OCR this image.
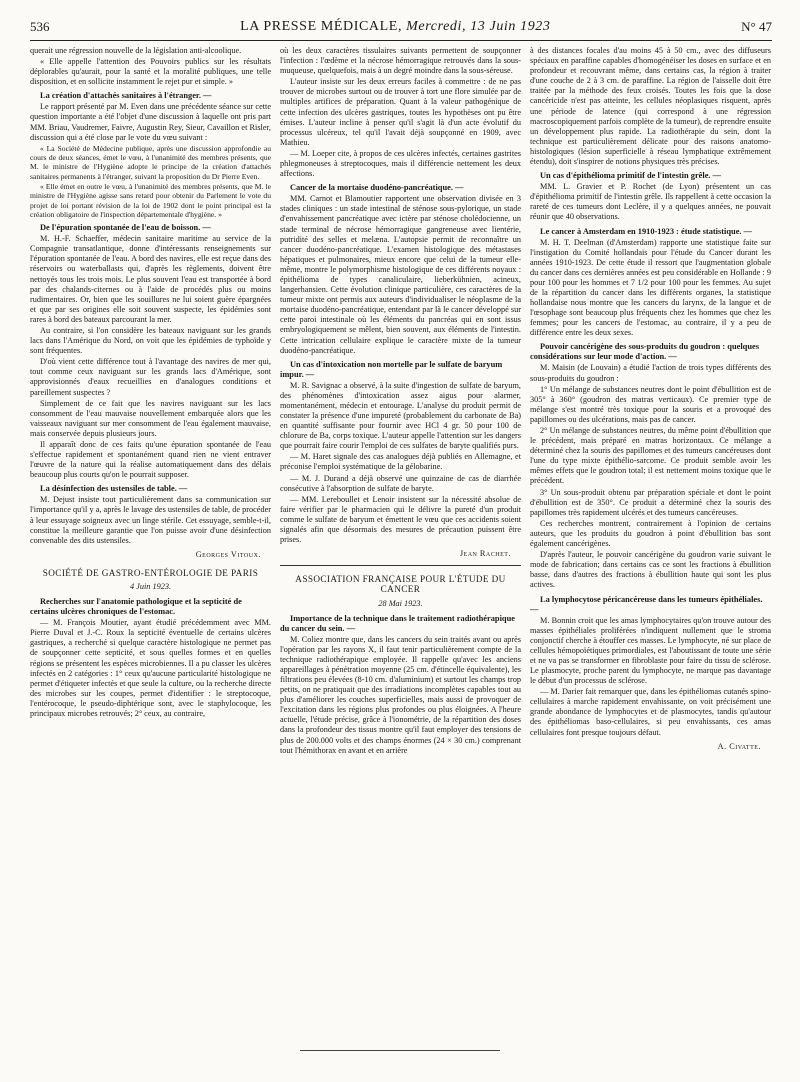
536	LA PRESSE MÉDICALE, Mercredi, 13 Juin 1923	N° 47

querait une régression nouvelle de la législation anti-alcoolique.

« Elle appelle l'attention des Pouvoirs publics sur les résultats déplorables qu'aurait, pour la santé et la moralité publiques, une telle disposition, et en sollicite instamment le rejet pur et simple. »

La création d'attachés sanitaires à l'étranger. —

Le rapport présenté par M. Even dans une précédente séance sur cette question importante a été l'objet d'une discussion à laquelle ont pris part MM. Briau, Vaudremer, Faivre, Augustin Rey, Sieur, Cavaillon et Risler, discussion qui a été close par le vote du vœu suivant :

« La Société de Médecine publique, après une discussion approfondie au cours de deux séances, émet le vœu, à l'unanimité des membres présents, que M. le ministre de l'Hygiène adopte le principe de la création d'attachés sanitaires permanents à l'étranger, suivant la proposition du Dr Pierre Even.

« Elle émet en outre le vœu, à l'unanimité des membres présents, que M. le ministre de l'Hygiène agisse sans retard pour obtenir du Parlement le vote du projet de loi portant révision de la loi de 1902 dont le point principal est la création obligatoire de l'inspection départementale d'hygiène. »

De l'épuration spontanée de l'eau de boisson. —

M. H.-F. Schaeffer, médecin sanitaire maritime au service de la Compagnie transatlantique, donne d'intéressants renseignements sur l'épuration spontanée de l'eau. A bord des navires, elle est reçue dans des réservoirs ou waterballasts qui, d'après les règlements, doivent être nettoyés tous les trois mois. Le plus souvent l'eau est transportée à bord par des chalands-citernes ou à l'aide de procédés plus ou moins rudimentaires. Or, bien que les souillures ne lui soient guère épargnées et que par ses origines elle soit souvent suspecte, les épidémies sont rares à bord des bateaux parcourant la mer.

Au contraire, si l'on considère les bateaux naviguant sur les grands lacs dans l'Amérique du Nord, on voit que les épidémies de typhoïde y sont fréquentes.

D'où vient cette différence tout à l'avantage des navires de mer qui, tout comme ceux naviguant sur les grands lacs d'Amérique, sont approvisionnés d'eaux recueillies en d'analogues conditions et pareillement suspectes ?

Simplement de ce fait que les navires naviguant sur les lacs consomment de l'eau mauvaise nouvellement embarquée alors que les vaisseaux naviguant sur mer consomment de l'eau également mauvaise, mais conservée depuis plusieurs jours.

Il apparaît donc de ces faits qu'une épuration spontanée de l'eau s'effectue rapidement et spontanément quand rien ne vient entraver l'œuvre de la nature qui la réalise automatiquement dans des délais beaucoup plus courts qu'on le pourrait supposer.

La désinfection des ustensiles de table. —

M. Dejust insiste tout particulièrement dans sa communication sur l'importance qu'il y a, après le lavage des ustensiles de table, de procéder à leur essuyage soigneux avec un linge stérile. Cet essuyage, semble-t-il, constitue la meilleure garantie que l'on puisse avoir d'une désinfection convenable des dits ustensiles.

Georges Vitoux.
SOCIÉTÉ DE GASTRO-ENTÉROLOGIE DE PARIS
4 Juin 1923.
Recherches sur l'anatomie pathologique et la septicité de certains ulcères chroniques de l'estomac.

— M. François Moutier, ayant étudié précédemment avec MM. Pierre Duval et J.-C. Roux la septicité éventuelle de certains ulcères gastriques, a recherché si quelque caractère histologique ne permet pas de soupçonner cette septicité, et sous quelles formes et en quelles régions se présentent les espèces microbiennes. Il a pu classer les ulcères infectés en 2 catégories : 1° ceux qu'aucune particularité histologique ne permet d'étiqueter infectés et que seule la culture, ou la recherche directe des microbes sur les coupes, permet d'identifier : le streptocoque, l'entérocoque, le pseudo-diphtérique sont, avec le staphylocoque, les principaux microbes retrouvés; 2° ceux, au contraire,

où les deux caractères tissulaires suivants permettent de soupçonner l'infection : l'œdème et la nécrose hémorragique retrouvés dans la sous-muqueuse, quelquefois, mais à un degré moindre dans la sous-séreuse.

L'auteur insiste sur les deux erreurs faciles à commettre : de ne pas trouver de microbes surtout ou de trouver à tort une flore simulée par de multiples artifices de préparation. Quant à la valeur pathogénique de cette infection des ulcères gastriques, toutes les hypothèses ont pu être émises. L'auteur incline à penser qu'il s'agit là d'un acte évolutif du processus ulcéreux, tel qu'il l'avait déjà soupçonné en 1909, avec Mathieu.

— M. Loeper cite, à propos de ces ulcères infectés, certaines gastrites phlegmoneuses à streptocoques, mais il différencie nettement les deux affections.

Cancer de la mortaise duodéno-pancréatique. —

MM. Carnot et Blamoutier rapportent une observation divisée en 3 stades cliniques : un stade intestinal de sténose sous-pylorique, un stade d'envahissement pancréatique avec ictère par sténose cholédocienne, un stade terminal de nécrose hémorragique gangreneuse avec lientérie, putridité des selles et melæna. L'autopsie permit de reconnaître un cancer duodéno-pancréatique. L'examen histologique des métastases hépatiques et pulmonaires, mieux encore que celui de la tumeur elle-même, montre le polymorphisme histologique de ces différents noyaux : épithélioma de types canaliculaire, lieberkühnien, acineux, langerhansien. Cette évolution clinique particulière, ces caractères de la tumeur mixte ont permis aux auteurs d'individualiser le néoplasme de la mortaise duodéno-pancréatique, entendant par là le cancer développé sur cette paroi intestinale où les éléments du pancréas qui en sont issus embryologiquement se mêlent, bien souvent, aux éléments de l'intestin. Cette intrication cellulaire explique le caractère mixte de la tumeur duodéno-pancréatique.

Un cas d'intoxication non mortelle par le sulfate de baryum impur. —

M. R. Savignac a observé, à la suite d'ingestion de sulfate de baryum, des phénomènes d'intoxication assez aigus pour alarmer, momentanément, médecin et entourage. L'analyse du produit permit de constater la présence d'une impureté (probablement du carbonate de Ba) en quantité suffisante pour fournir avec HCl 4 gr. 50 pour 100 de chlorure de Ba, corps toxique. L'auteur appelle l'attention sur les dangers que pourrait faire courir l'emploi de ces sulfates de baryte qualifiés purs.

— M. Haret signale des cas analogues déjà publiés en Allemagne, et préconise l'emploi systématique de la gélobarine.

— M. J. Durand a déjà observé une quinzaine de cas de diarrhée consécutive à l'absorption de sulfate de baryte.

— MM. Lereboullet et Lenoir insistent sur la nécessité absolue de faire vérifier par le pharmacien qui le délivre la pureté d'un produit comme le sulfate de baryum et émettent le vœu que ces accidents soient signalés afin que désormais des mesures de précaution puissent être prises.

Jean Rachet.
ASSOCIATION FRANÇAISE POUR L'ÉTUDE DU CANCER
28 Mai 1923.
Importance de la technique dans le traitement radiothérapique du cancer du sein. —

M. Coliez montre que, dans les cancers du sein traités avant ou après l'opération par les rayons X, il faut tenir particulièrement compte de la technique radiothérapique employée. Il rappelle qu'avec les anciens appareillages à pénétration moyenne (25 cm. d'étincelle équivalente), les filtrations peu élevées (8-10 cm. d'aluminium) et surtout les champs trop petits, on ne pratiquait que des irradiations incomplètes capables tout au plus d'améliorer les couches superficielles, mais aussi de provoquer de l'excitation dans les régions plus profondes ou plus éloignées. A l'heure actuelle, l'étude précise, grâce à l'ionométrie, de la répartition des doses dans la profondeur des tissus montre qu'il faut employer des tensions de plus de 200.000 volts et des champs énormes (24 × 30 cm.) comprenant tout l'hémithorax en avant et en arrière

à des distances focales d'au moins 45 à 50 cm., avec des diffuseurs spéciaux en paraffine capables d'homogénéiser les doses en surface et en profondeur et recouvrant même, dans certains cas, la région à traiter d'une couche de 2 à 3 cm. de paraffine. La région de l'aisselle doit être traitée par la méthode des feux croisés. Toutes les fois que la dose cancéricide n'est pas atteinte, les cellules néoplasiques risquent, après une période de latence (qui correspond à une régression macroscopiquement parfois complète de la tumeur), de reprendre ensuite un développement plus rapide. La radiothérapie du sein, dont la technique est particulièrement délicate pour des raisons anatomo-histologiques (lésion superficielle à réseau lymphatique extrêmement étendu), doit s'inspirer de notions physiques très précises.

Un cas d'épithélioma primitif de l'intestin grêle. —

MM. L. Gravier et P. Rochet (de Lyon) présentent un cas d'épithélioma primitif de l'intestin grêle. Ils rappellent à cette occasion la rareté de ces tumeurs dont Leclère, il y a quelques années, ne pouvait réunir que 40 observations.

Le cancer à Amsterdam en 1910-1923 : étude statistique. —

M. H. T. Deelman (d'Amsterdam) rapporte une statistique faite sur l'instigation du Comité hollandais pour l'étude du Cancer durant les années 1910-1923. De cette étude il ressort que l'augmentation globale du cancer dans ces dernières années est peu considérable en Hollande : 9 pour 100 pour les hommes et 7 1/2 pour 100 pour les femmes. Au sujet de la répartition du cancer dans les différents organes, la statistique hollandaise nous montre que les cancers du larynx, de la langue et de l'œsophage sont beaucoup plus fréquents chez les hommes que chez les femmes; pour les cancers de l'estomac, au contraire, il y a peu de différence entre les deux sexes.

Pouvoir cancérigène des sous-produits du goudron : quelques considérations sur leur mode d'action. —

M. Maisin (de Louvain) a étudié l'action de trois types différents des sous-produits du goudron :

1° Un mélange de substances neutres dont le point d'ébullition est de 305° à 360° (goudron des matras verticaux). Ce premier type de mélange s'est montré très toxique pour la souris et a provoqué des papillomes ou des ulcérations, mais pas de cancer.

2° Un mélange de substances neutres, du même point d'ébullition que le précédent, mais préparé en matras horizontaux. Ce mélange a déterminé chez la souris des papillomes et des tumeurs cancéreuses dont l'une du type mixte épithélio-sarcome. Ce produit semble avoir les mêmes effets que le goudron total; il est nettement moins toxique que le précédent.

3° Un sous-produit obtenu par préparation spéciale et dont le point d'ébullition est de 350°. Ce produit a déterminé chez la souris des papillomes très rapidement ulcérés et des tumeurs cancéreuses.

Ces recherches montrent, contrairement à l'opinion de certains auteurs, que les produits du goudron à point d'ébullition bas sont également cancérigènes.

D'après l'auteur, le pouvoir cancérigène du goudron varie suivant le mode de fabrication; dans certains cas ce sont les fractions à ébullition basse, dans d'autres des fractions à ébullition haute qui sont les plus actives.

La lymphocytose péricancéreuse dans les tumeurs épithéliales. —

M. Bonnin croit que les amas lymphocytaires qu'on trouve autour des masses épithéliales proliférées n'indiquent nullement que le stroma conjonctif cherche à étouffer ces masses. Le lymphocyte, né sur place de cellules hémopoïétiques primordiales, est l'aboutissant de toute une série et ne va pas se transformer en fibroblaste pour faire du tissu de sclérose. Le plasmocyte, proche parent du lymphocyte, ne marque pas davantage le début d'un processus de sclérose.

— M. Darier fait remarquer que, dans les épithéliomas cutanés spino-cellulaires à marche rapidement envahissante, on voit précisément une grande abondance de lymphocytes et de plasmocytes, tandis qu'autour des épithéliomas baso-cellulaires, si peu envahissants, ces amas cellulaires font presque toujours défaut.

A. Civatte.
